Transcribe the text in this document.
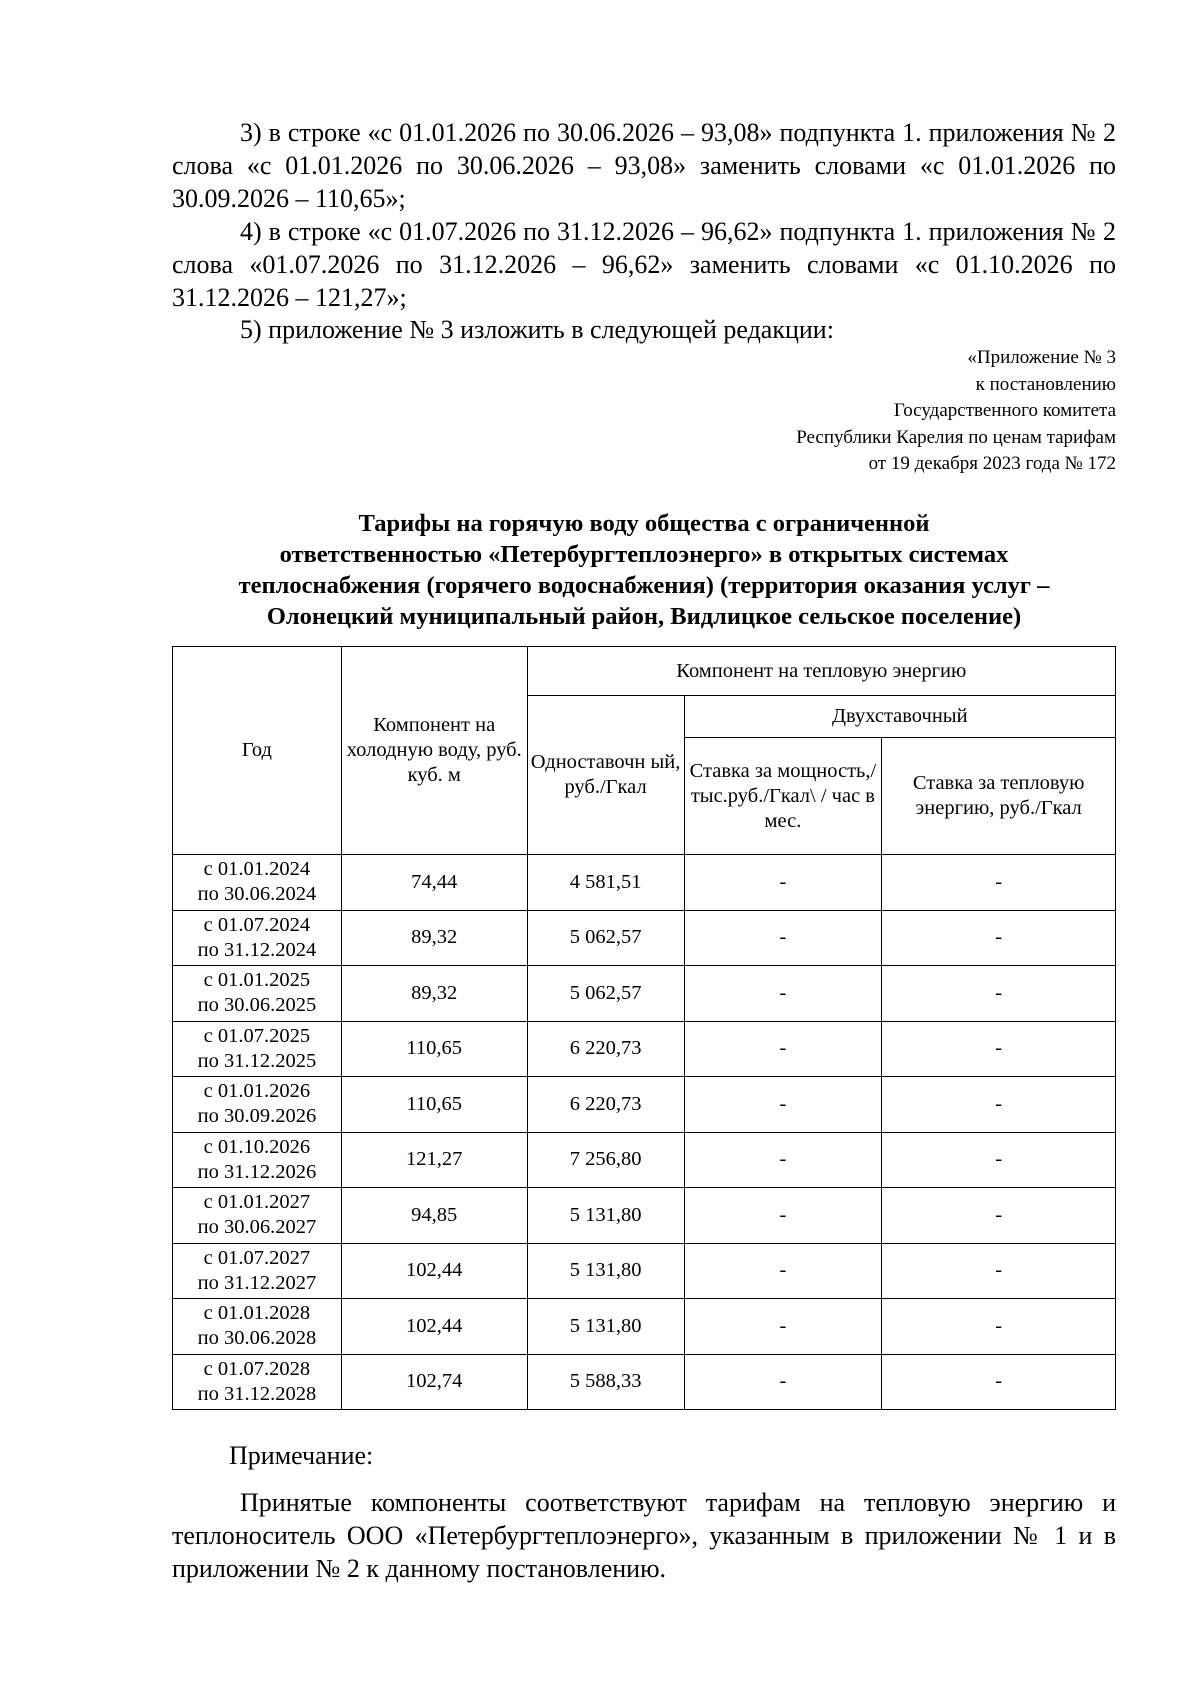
3) в строке «с 01.01.2026 по 30.06.2026 – 93,08» подпункта 1. приложения № 2 слова «с 01.01.2026 по 30.06.2026 – 93,08» заменить словами «с 01.01.2026 по 30.09.2026 – 110,65»;

4) в строке «с 01.07.2026 по 31.12.2026 – 96,62» подпункта 1. приложения № 2 слова «01.07.2026 по 31.12.2026 – 96,62» заменить словами «с 01.10.2026 по 31.12.2026 – 121,27»;

5) приложение № 3 изложить в следующей редакции:

«Приложение № 3
к постановлению
Государственного комитета
Республики Карелия по ценам тарифам
от 19 декабря 2023 года № 172
Тарифы на горячую воду общества с ограниченной
ответственностью «Петербургтеплоэнерго» в открытых системах
теплоснабжения (горячего водоснабжения) (территория оказания услуг –
Олонецкий муниципальный район, Видлицкое сельское поселение)
Год	Компонент на холодную воду, руб. куб. м	Компонент на тепловую энергию		
		Одноставочн ый, руб./Гкал	Двухставочный	
			Ставка за мощность,/ тыс.руб./Гкал\ / час в мес.	Ставка за тепловую энергию, руб./Гкал

с 01.01.2024
по 30.06.2024	74,44	4 581,51	-	-

с 01.07.2024
по 31.12.2024	89,32	5 062,57	-	-

с 01.01.2025
по 30.06.2025	89,32	5 062,57	-	-

с 01.07.2025
по 31.12.2025	110,65	6 220,73	-	-

с 01.01.2026
по 30.09.2026	110,65	6 220,73	-	-

с 01.10.2026
по 31.12.2026	121,27	7 256,80	-	-

с 01.01.2027
по 30.06.2027	94,85	5 131,80	-	-

с 01.07.2027
по 31.12.2027	102,44	5 131,80	-	-

с 01.01.2028
по 30.06.2028	102,44	5 131,80	-	-

с 01.07.2028
по 31.12.2028	102,74	5 588,33	-	-

Примечание:

Принятые компоненты соответствуют тарифам на тепловую энергию и теплоноситель ООО «Петербургтеплоэнерго», указанным в приложении № 1 и в приложении № 2 к данному постановлению.
